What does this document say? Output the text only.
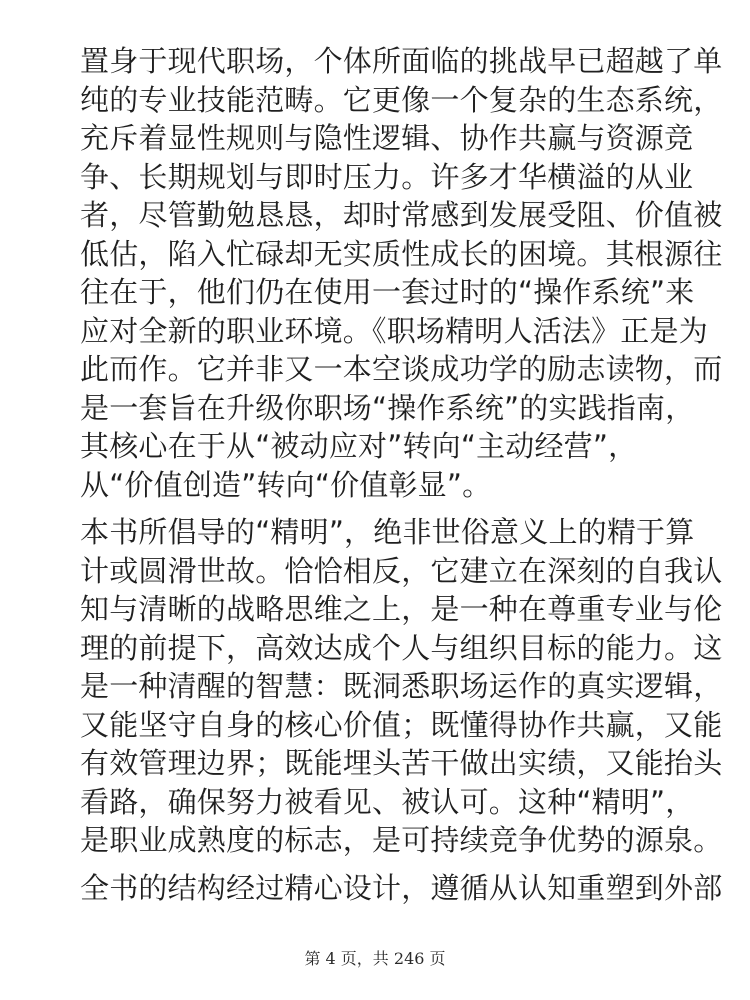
置身于现代职场，个体所面临的挑战早已超越了单
纯的专业技能范畴。它更像一个复杂的生态系统，
充斥着显性规则与隐性逻辑、协作共赢与资源竞
争、长期规划与即时压力。许多才华横溢的从业
者，尽管勤勉恳恳，却时常感到发展受阻、价值被
低估，陷入忙碌却无实质性成长的困境。其根源往
往在于，他们仍在使用一套过时的“操作系统”来
应对全新的职业环境。《职场精明人活法》正是为
此而作。它并非又一本空谈成功学的励志读物，而
是一套旨在升级你职场“操作系统”的实践指南，
其核心在于从“被动应对”转向“主动经营”，
从“价值创造”转向“价值彰显”。

本书所倡导的“精明”，绝非世俗意义上的精于算
计或圆滑世故。恰恰相反，它建立在深刻的自我认
知与清晰的战略思维之上，是一种在尊重专业与伦
理的前提下，高效达成个人与组织目标的能力。这
是一种清醒的智慧：既洞悉职场运作的真实逻辑，
又能坚守自身的核心价值；既懂得协作共赢，又能
有效管理边界；既能埋头苦干做出实绩，又能抬头
看路，确保努力被看见、被认可。这种“精明”，
是职业成熟度的标志，是可持续竞争优势的源泉。

全书的结构经过精心设计，遵循从认知重塑到外部

第 4 页，共 246 页
